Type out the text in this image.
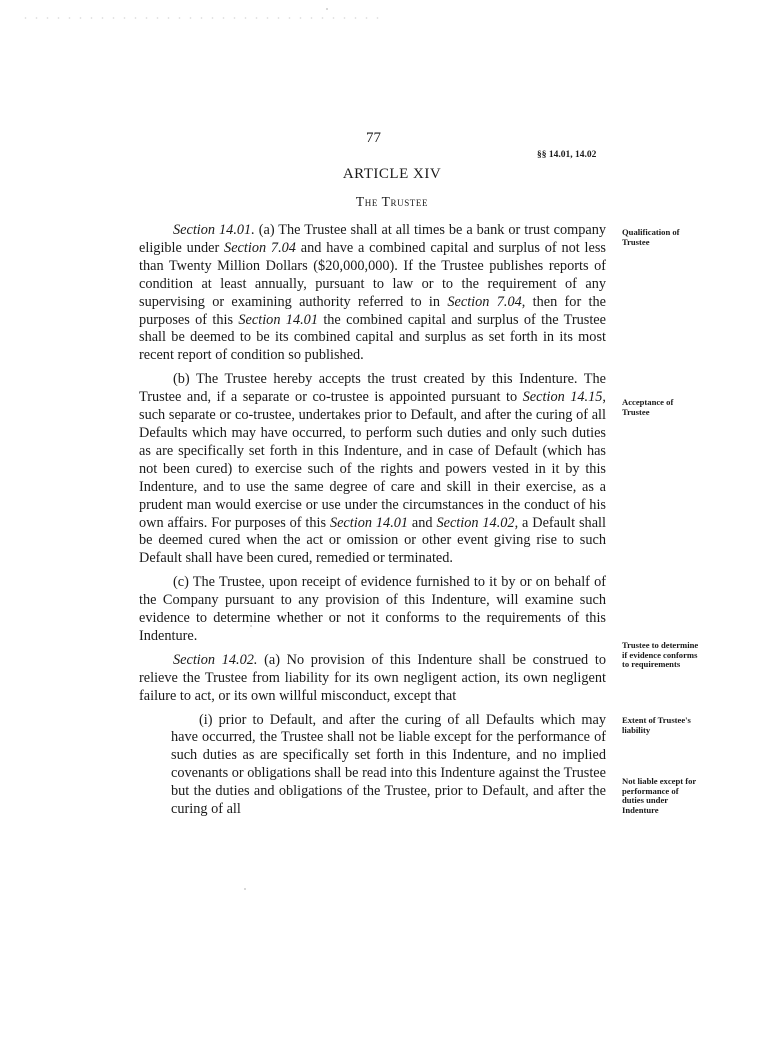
77
§§ 14.01, 14.02
ARTICLE XIV
The Trustee

Section 14.01. (a) The Trustee shall at all times be a bank or trust company eligible under Section 7.04 and have a combined capital and surplus of not less than Twenty Million Dollars ($20,000,000). If the Trustee publishes reports of condition at least annually, pursuant to law or to the requirement of any supervising or examining authority referred to in Section 7.04, then for the purposes of this Section 14.01 the combined capital and surplus of the Trustee shall be deemed to be its combined capital and surplus as set forth in its most recent report of condition so published.

(b) The Trustee hereby accepts the trust created by this Indenture. The Trustee and, if a separate or co-trustee is appointed pursuant to Section 14.15, such separate or co-trustee, undertakes prior to Default, and after the curing of all Defaults which may have occurred, to perform such duties and only such duties as are specifically set forth in this Indenture, and in case of Default (which has not been cured) to exercise such of the rights and powers vested in it by this Indenture, and to use the same degree of care and skill in their exercise, as a prudent man would exercise or use under the circumstances in the conduct of his own affairs. For purposes of this Section 14.01 and Section 14.02, a Default shall be deemed cured when the act or omission or other event giving rise to such Default shall have been cured, remedied or terminated.

(c) The Trustee, upon receipt of evidence furnished to it by or on behalf of the Company pursuant to any provision of this Indenture, will examine such evidence to determine whether or not it conforms to the requirements of this Indenture.

Section 14.02. (a) No provision of this Indenture shall be construed to relieve the Trustee from liability for its own negligent action, its own negligent failure to act, or its own willful misconduct, except that

(i) prior to Default, and after the curing of all Defaults which may have occurred, the Trustee shall not be liable except for the performance of such duties as are specifically set forth in this Indenture, and no implied covenants or obligations shall be read into this Indenture against the Trustee but the duties and obligations of the Trustee, prior to Default, and after the curing of all

Qualification of Trustee
Acceptance of Trustee
Trustee to determine if evidence conforms to requirements
Extent of Trustee's liability
Not liable except for performance of duties under Indenture
